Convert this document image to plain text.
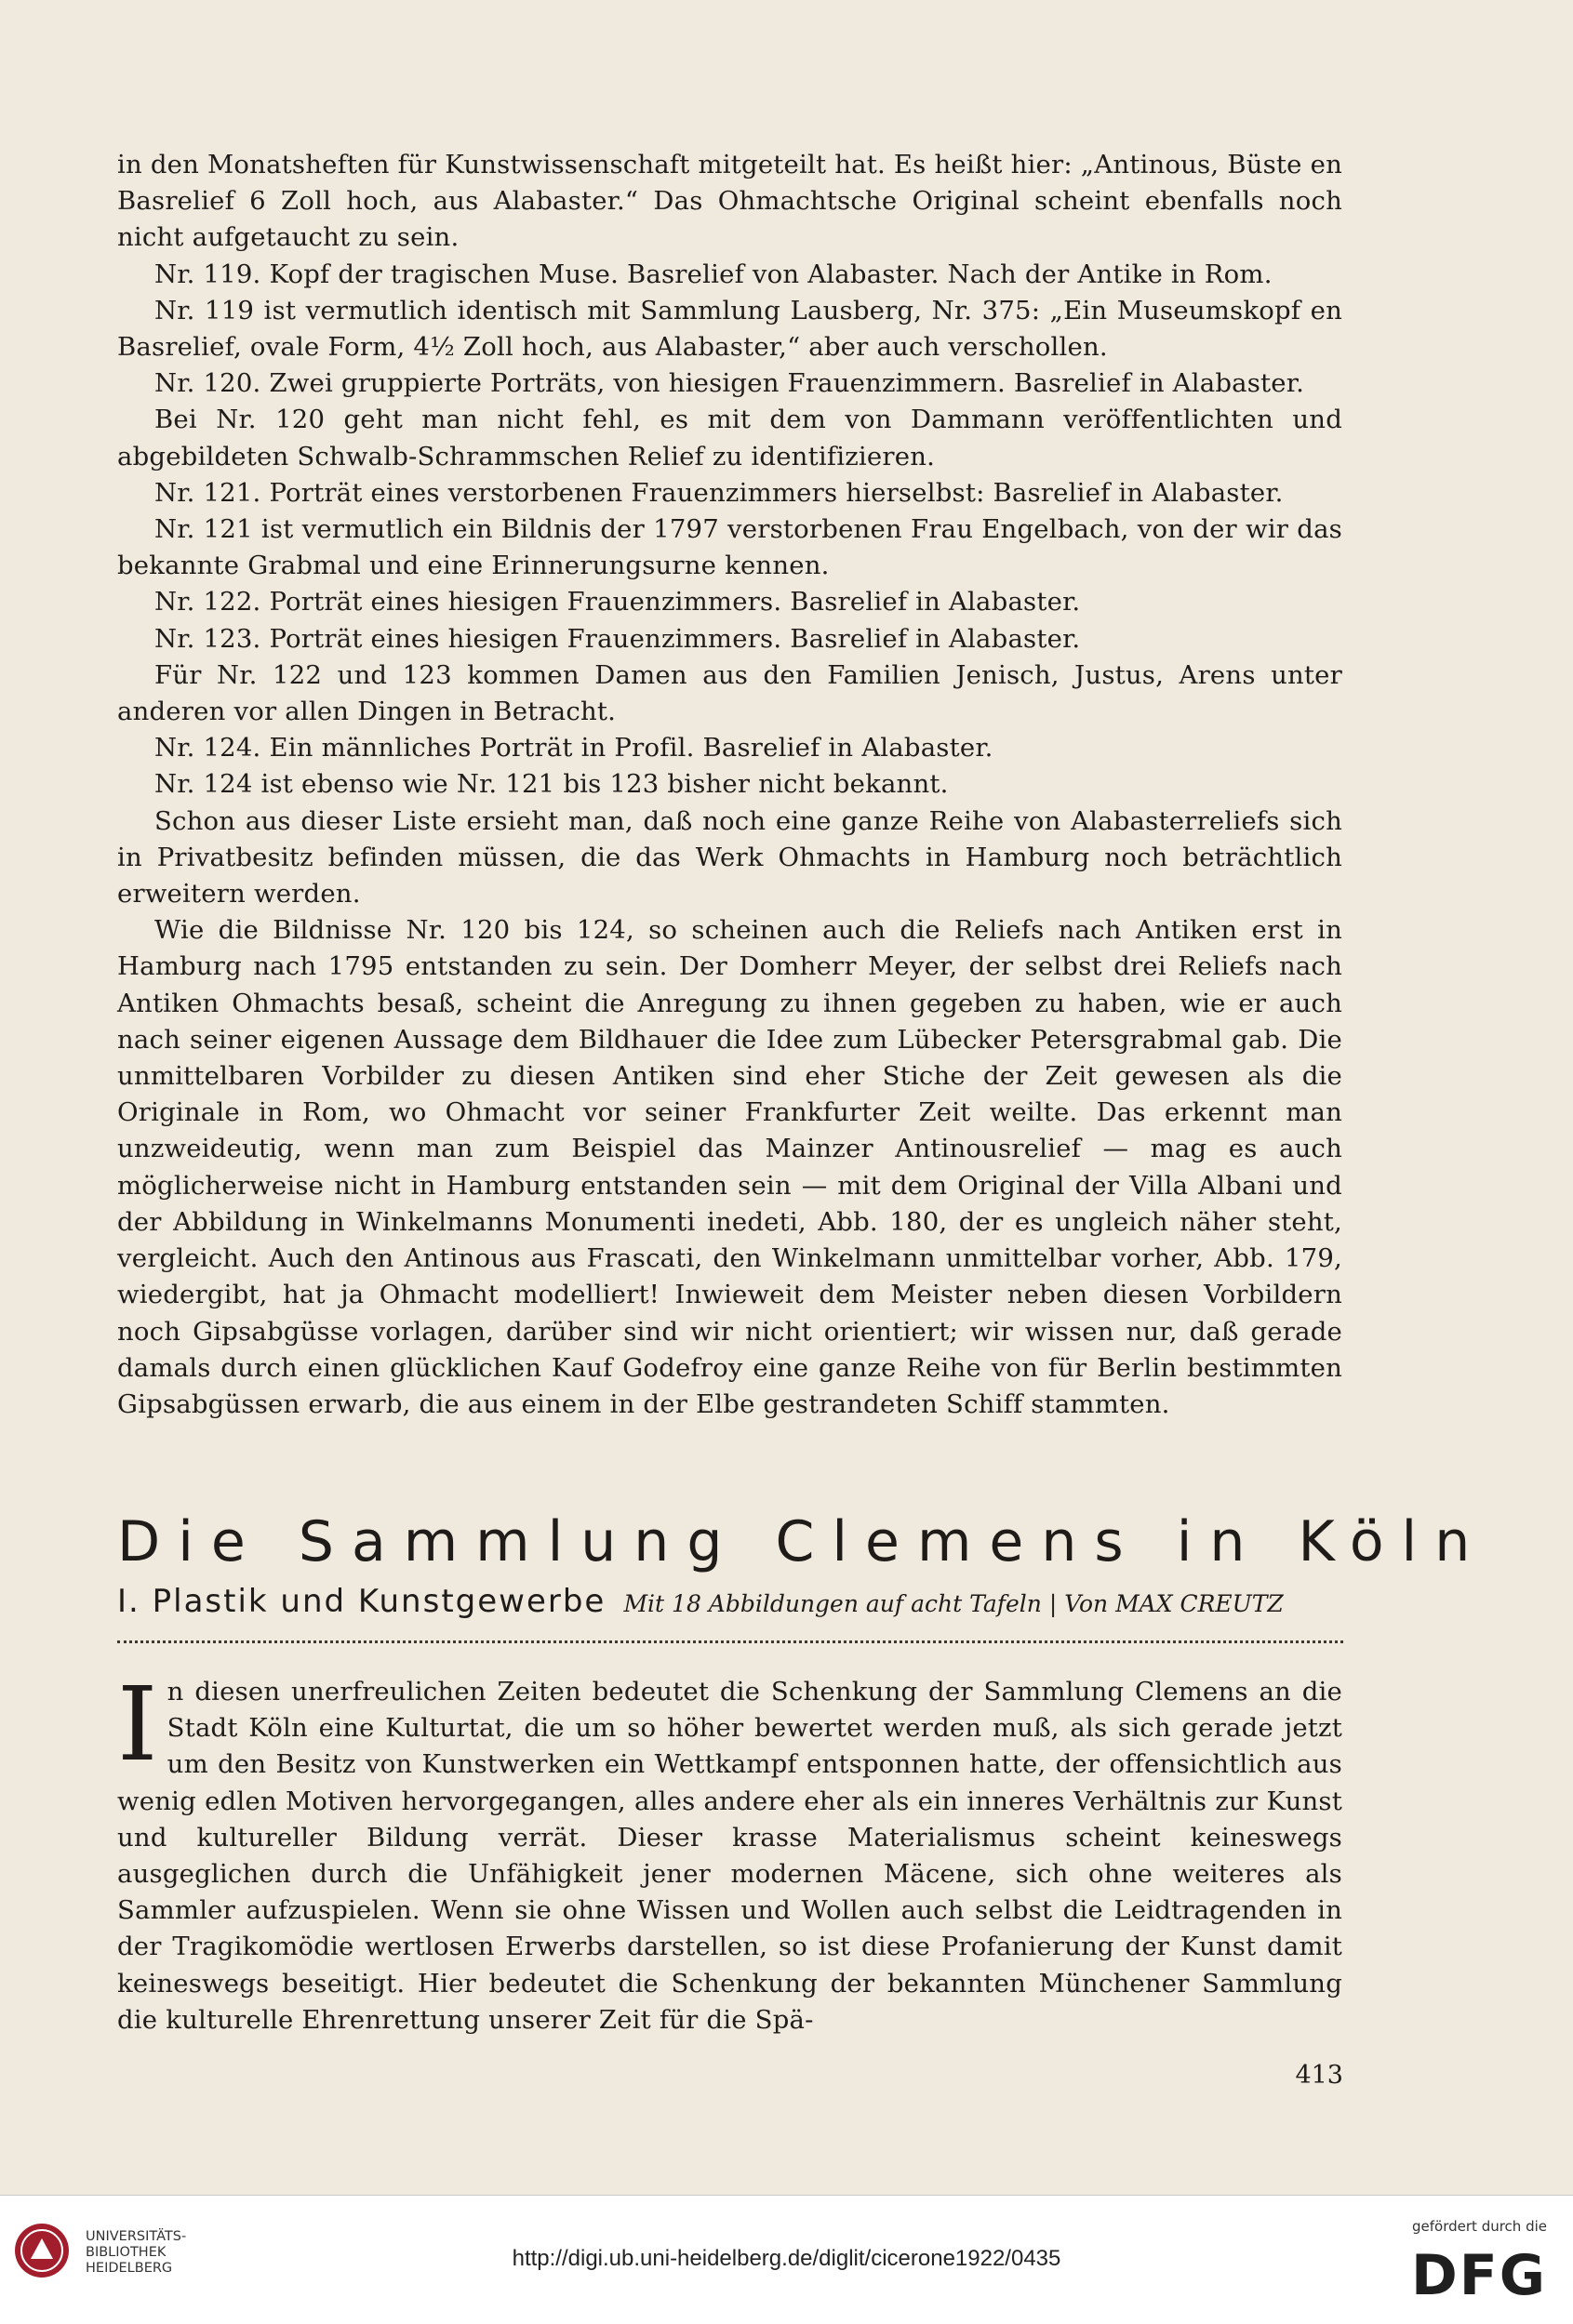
in den Monatsheften für Kunstwissenschaft mitgeteilt hat. Es heißt hier: „Antinous, Büste en Basrelief 6 Zoll hoch, aus Alabaster.“ Das Ohmachtsche Original scheint ebenfalls noch nicht aufgetaucht zu sein.

Nr. 119. Kopf der tragischen Muse. Basrelief von Alabaster. Nach der Antike in Rom.

Nr. 119 ist vermutlich identisch mit Sammlung Lausberg, Nr. 375: „Ein Museumskopf en Basrelief, ovale Form, 4½ Zoll hoch, aus Alabaster,“ aber auch verschollen.

Nr. 120. Zwei gruppierte Porträts, von hiesigen Frauenzimmern. Basrelief in Alabaster.

Bei Nr. 120 geht man nicht fehl, es mit dem von Dammann veröffentlichten und abgebildeten Schwalb-Schrammschen Relief zu identifizieren.

Nr. 121. Porträt eines verstorbenen Frauenzimmers hierselbst: Basrelief in Alabaster.

Nr. 121 ist vermutlich ein Bildnis der 1797 verstorbenen Frau Engelbach, von der wir das bekannte Grabmal und eine Erinnerungsurne kennen.

Nr. 122. Porträt eines hiesigen Frauenzimmers. Basrelief in Alabaster.

Nr. 123. Porträt eines hiesigen Frauenzimmers. Basrelief in Alabaster.

Für Nr. 122 und 123 kommen Damen aus den Familien Jenisch, Justus, Arens unter anderen vor allen Dingen in Betracht.

Nr. 124. Ein männliches Porträt in Profil. Basrelief in Alabaster.

Nr. 124 ist ebenso wie Nr. 121 bis 123 bisher nicht bekannt.

Schon aus dieser Liste ersieht man, daß noch eine ganze Reihe von Alabasterreliefs sich in Privatbesitz befinden müssen, die das Werk Ohmachts in Hamburg noch beträchtlich erweitern werden.

Wie die Bildnisse Nr. 120 bis 124, so scheinen auch die Reliefs nach Antiken erst in Hamburg nach 1795 entstanden zu sein. Der Domherr Meyer, der selbst drei Reliefs nach Antiken Ohmachts besaß, scheint die Anregung zu ihnen gegeben zu haben, wie er auch nach seiner eigenen Aussage dem Bildhauer die Idee zum Lübecker Petersgrabmal gab. Die unmittelbaren Vorbilder zu diesen Antiken sind eher Stiche der Zeit gewesen als die Originale in Rom, wo Ohmacht vor seiner Frankfurter Zeit weilte. Das erkennt man unzweideutig, wenn man zum Beispiel das Mainzer Antinousrelief — mag es auch möglicherweise nicht in Hamburg entstanden sein — mit dem Original der Villa Albani und der Abbildung in Winkelmanns Monumenti inedeti, Abb. 180, der es ungleich näher steht, vergleicht. Auch den Antinous aus Frascati, den Winkelmann unmittelbar vorher, Abb. 179, wiedergibt, hat ja Ohmacht modelliert! Inwieweit dem Meister neben diesen Vorbildern noch Gipsabgüsse vorlagen, darüber sind wir nicht orientiert; wir wissen nur, daß gerade damals durch einen glücklichen Kauf Godefroy eine ganze Reihe von für Berlin bestimmten Gipsabgüssen erwarb, die aus einem in der Elbe gestrandeten Schiff stammten.

Die Sammlung Clemens in Köln
I. Plastik und Kunstgewerbe Mit 18 Abbildungen auf acht Tafeln | Von MAX CREUTZ

In diesen unerfreulichen Zeiten bedeutet die Schenkung der Sammlung Clemens an die Stadt Köln eine Kulturtat, die um so höher bewertet werden muß, als sich gerade jetzt um den Besitz von Kunstwerken ein Wettkampf entsponnen hatte, der offensichtlich aus wenig edlen Motiven hervorgegangen, alles andere eher als ein inneres Verhältnis zur Kunst und kultureller Bildung verrät. Dieser krasse Materialismus scheint keineswegs ausgeglichen durch die Unfähigkeit jener modernen Mäcene, sich ohne weiteres als Sammler aufzuspielen. Wenn sie ohne Wissen und Wollen auch selbst die Leidtragenden in der Tragikomödie wertlosen Erwerbs darstellen, so ist diese Profanierung der Kunst damit keineswegs beseitigt. Hier bedeutet die Schenkung der bekannten Münchener Sammlung die kulturelle Ehrenrettung unserer Zeit für die Spä-

413
UNIVERSITÄTS-
BIBLIOTHEK
HEIDELBERG	http://digi.ub.uni-heidelberg.de/diglit/cicerone1922/0435
gefördert durch die
DFG
